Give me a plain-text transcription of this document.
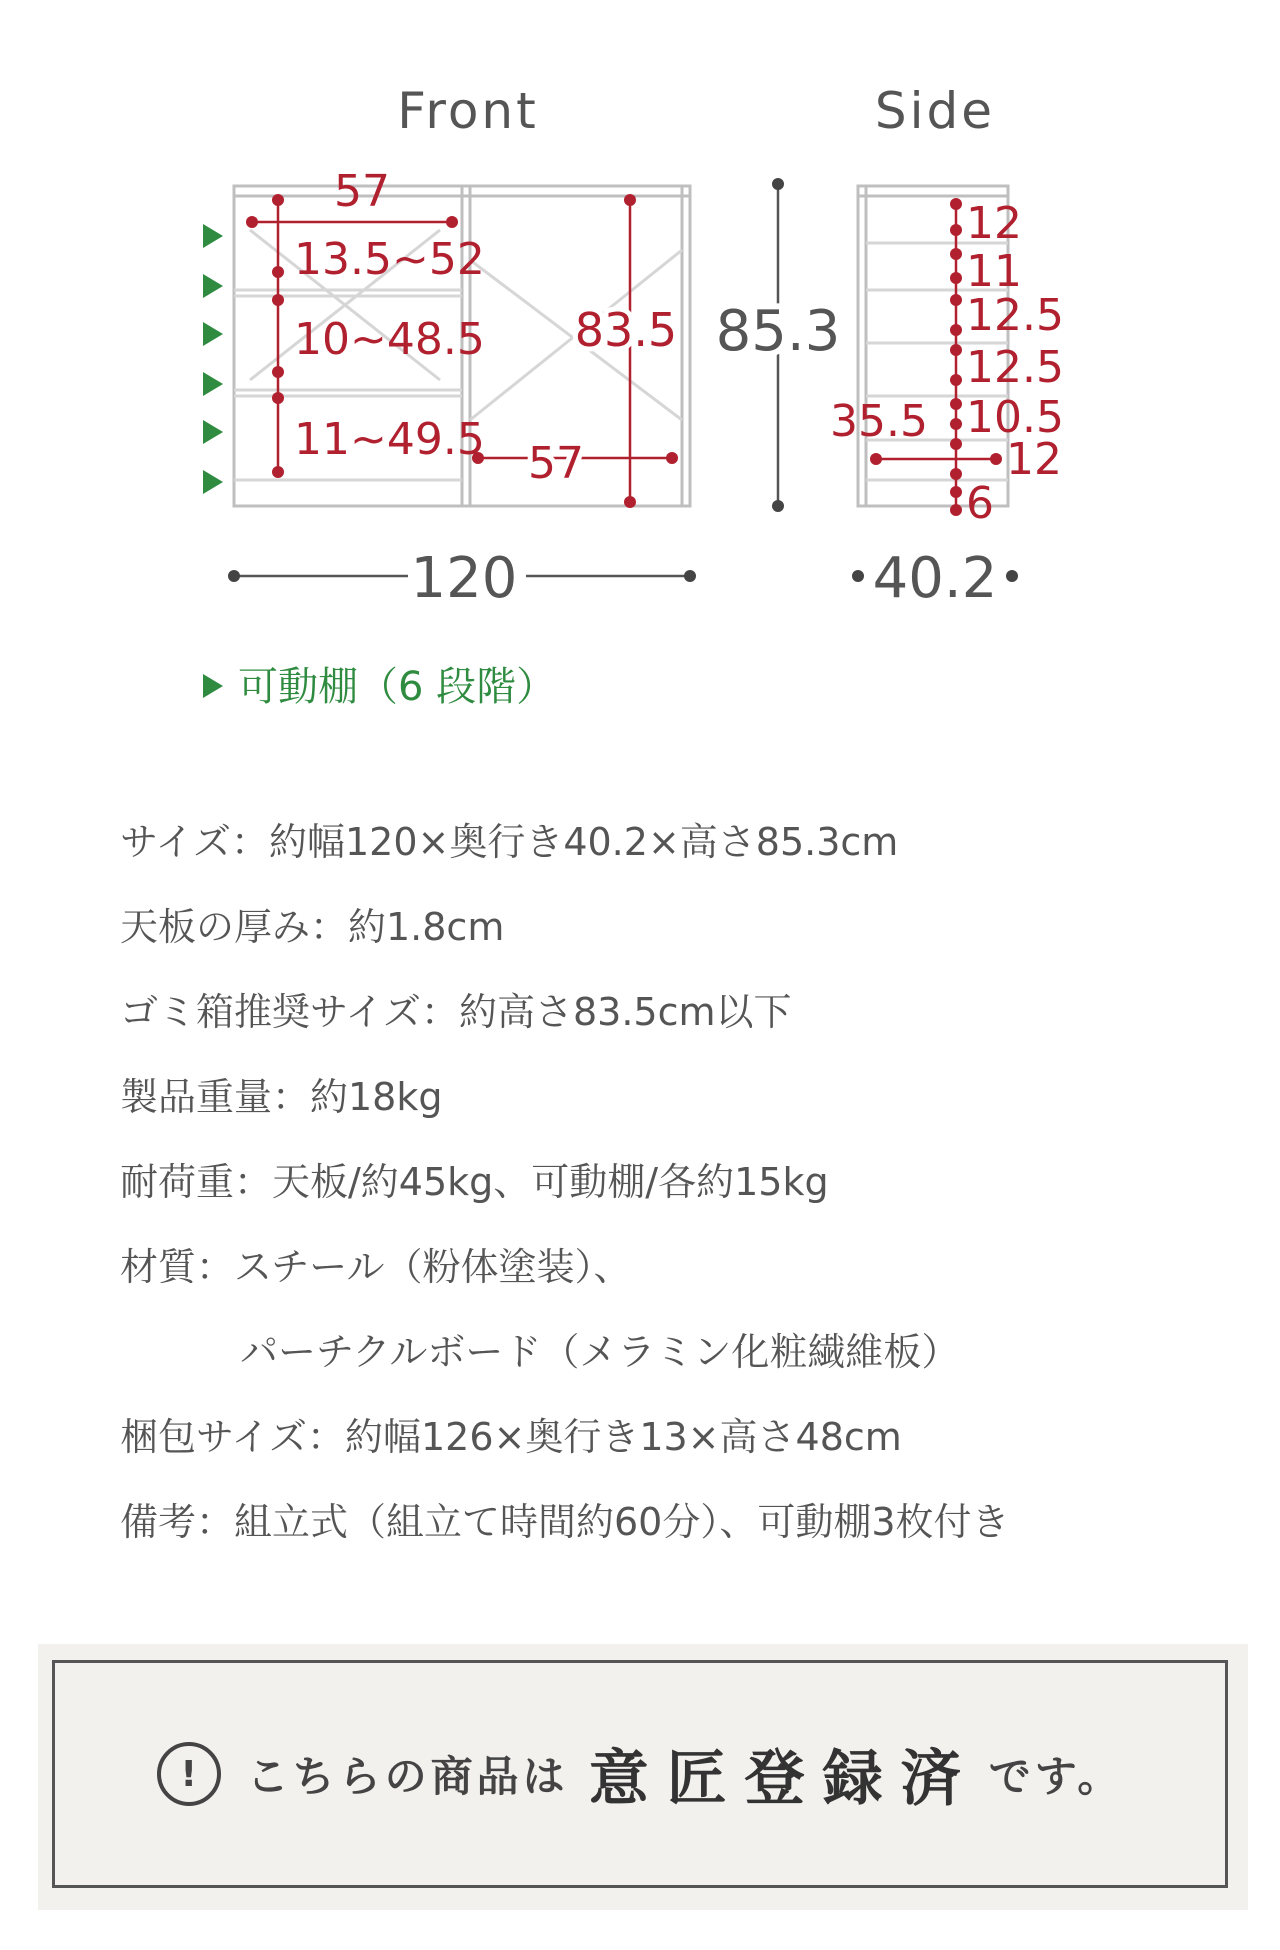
Front	Side
57
13.5~52
10~48.5
11~49.5
83.5
57
85.3
120
12
11
12.5
12.5
10.5
12
6
35.5
40.2
可動棚（6 段階）
サイズ：約幅120×奥行き40.2×高さ85.3cm
天板の厚み：約1.8cm
ゴミ箱推奨サイズ：約高さ83.5cm以下
製品重量：約18kg
耐荷重：天板/約45kg、可動棚/各約15kg
材質：スチール（粉体塗装）、
パーチクルボード（メラミン化粧繊維板）
梱包サイズ：約幅126×奥行き13×高さ48cm
備考：組立式（組立て時間約60分）、可動棚3枚付き
!	こちらの商品は 意匠登録済 です。
